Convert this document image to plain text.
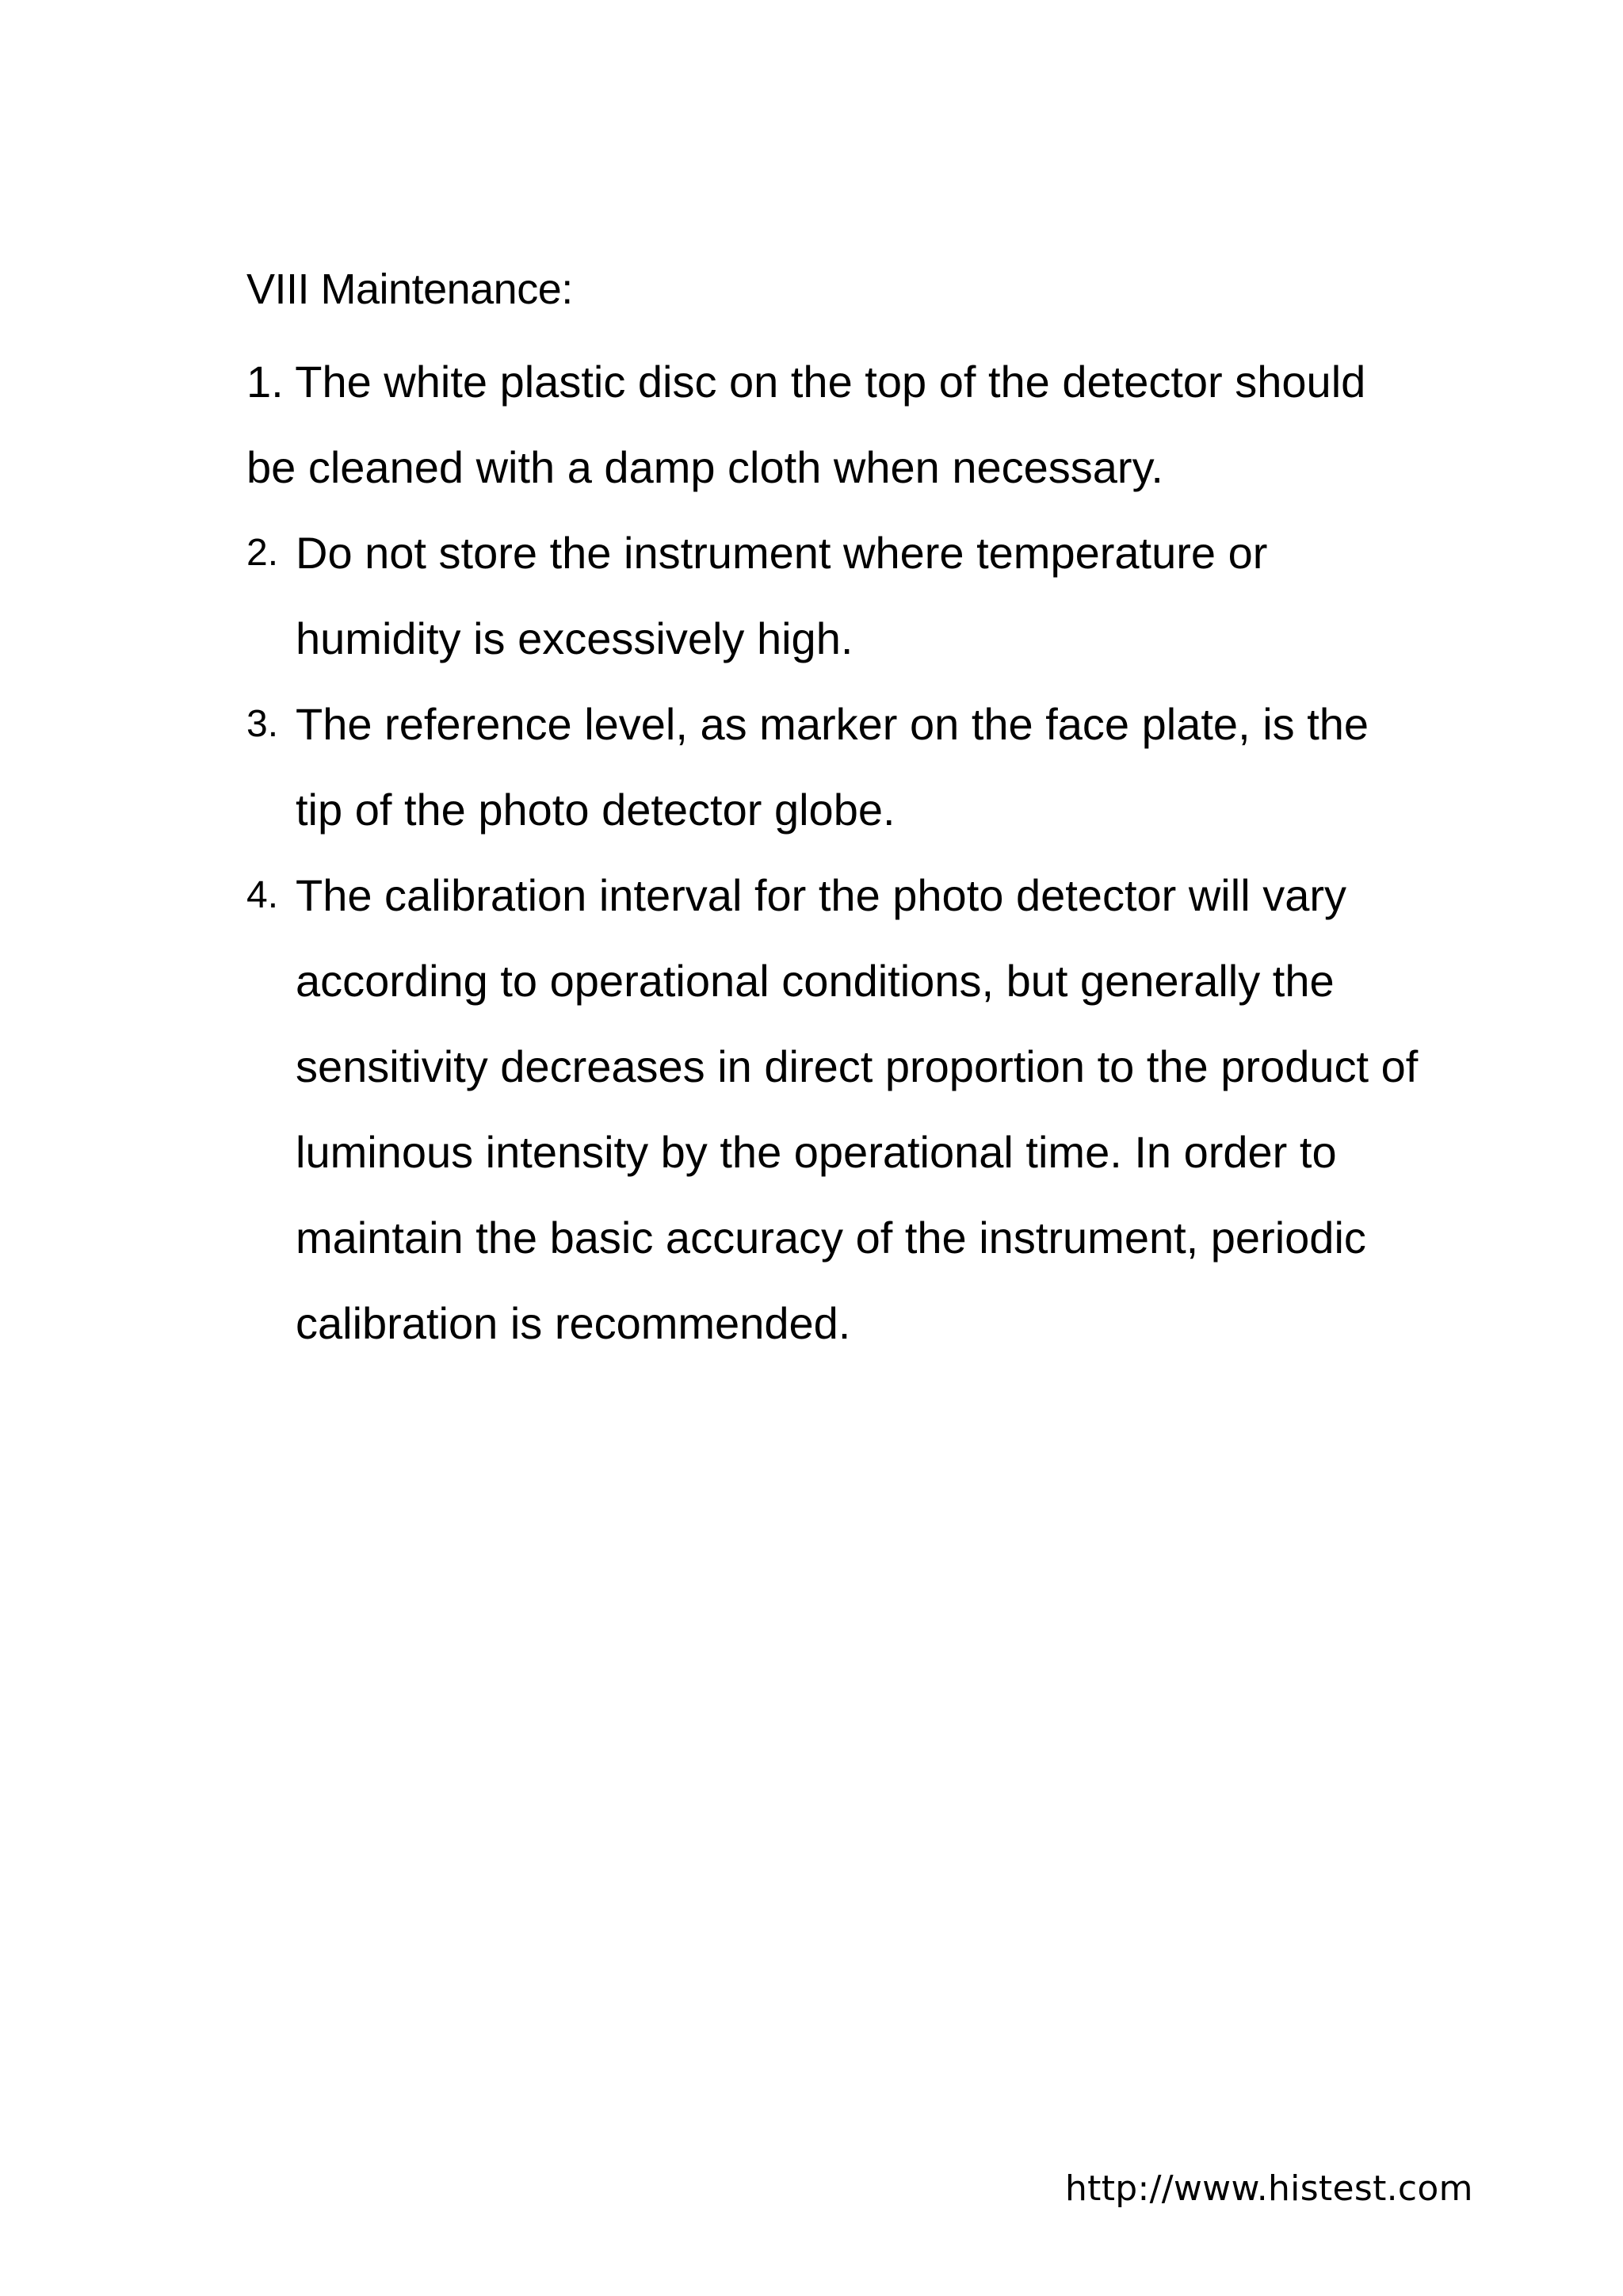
VIII Maintenance:

1. The white plastic disc on the top of the detector should be cleaned with a damp cloth when necessary.

2. Do not store the instrument where temperature or humidity is excessively high.

3. The reference level, as marker on the face plate, is the tip of the photo detector globe.

4. The calibration interval for the photo detector will vary according to operational conditions, but generally the sensitivity decreases in direct proportion to the product of luminous intensity by the operational time. In order to maintain the basic accuracy of the instrument, periodic calibration is recommended.

http://www.histest.com
